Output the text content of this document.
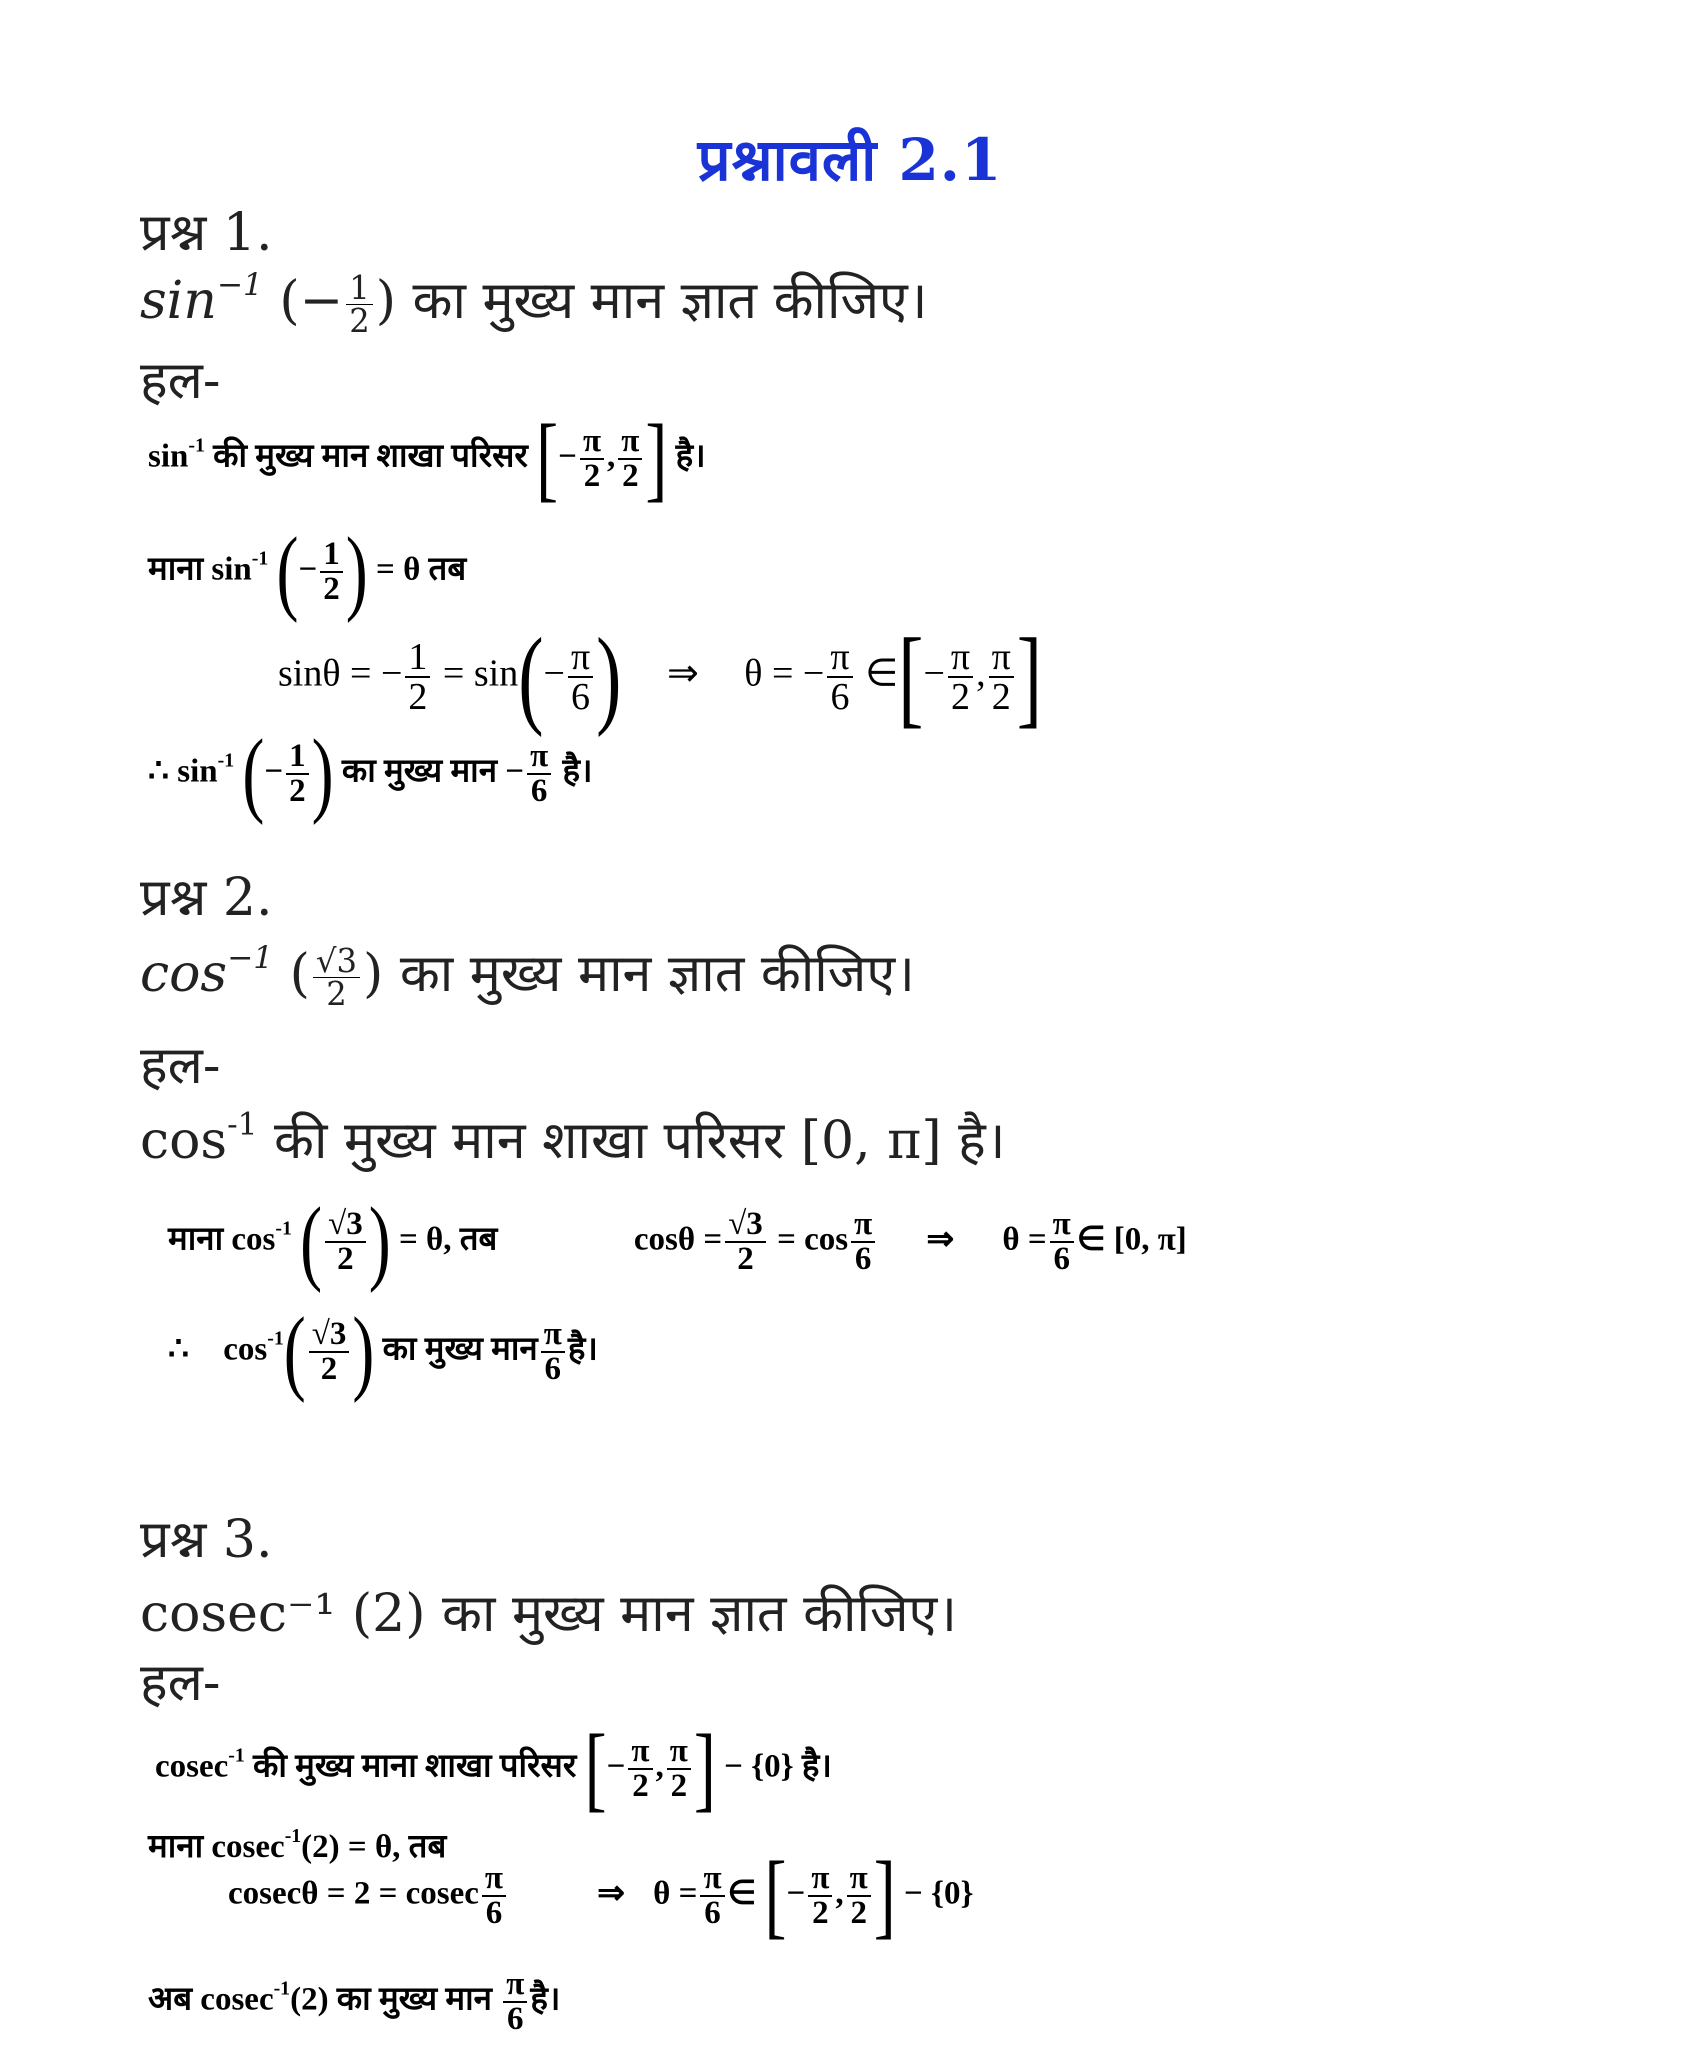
प्रश्नावली 2.1
प्रश्न 1.
$\sin^{-1}$ (− $\frac{1}{2}$ ) का मुख्य मान ज्ञात कीजिए।
हल-
$\sin^{-1}$ की मुख्य मान शाखा परिसर [− $\frac{\pi}{2}$ , $\frac{\pi}{2}$ ] है।
माना $\sin^{-1}$ (− $\frac{1}{2}$ ) = θ तब
sinθ = − $\frac{1}{2} = \sin(- \frac{\pi}{6}$ ) ⇒ θ = − $\frac{\pi}{6}$ ∈[− $\frac{\pi}{2}$ , $\frac{\pi}{2}$ ]
∴ $\sin^{-1}$ (− $\frac{1}{2}$ ) का मुख्य मान − $\frac{\pi}{6}$ है।
प्रश्न 2.
$\cos^{-1}$ ( $\frac{√3}{2}$ ) का मुख्य मान ज्ञात कीजिए।
हल-
$\cos^{-1}$ की मुख्य मान शाखा परिसर [0, π] है।
माना $\cos^{-1}$ ( $\frac{√3}{2}$ ) = θ, तब	$\cos\theta = \frac{√3}{2} = \cos \frac{\pi}{6}$ ⇒ $\theta = \frac{\pi}{6}$ ∈ [0, π]
∴ $\cos^{-1}( \frac{√3}{2}$ ) का मुख्य मान $\frac{\pi}{6}$ है।
प्रश्न 3.
cosec⁻¹ (2) का मुख्य मान ज्ञात कीजिए।
हल-
cosec$^{-1}$ की मुख्य माना शाखा परिसर [− $\frac{\pi}{2}$ , $\frac{\pi}{2}$ ] − {0} है।
माना cosec$^{-1}$(2) = θ, तब
cosecθ = 2 = cosec $\frac{\pi}{6}$	⇒ $\theta = \frac{\pi}{6}$ ∈ [− $\frac{\pi}{2}$ , $\frac{\pi}{2}$ ] − {0}
अब cosec$^{-1}$(2) का मुख्य मान $\frac{\pi}{6}$ है।
